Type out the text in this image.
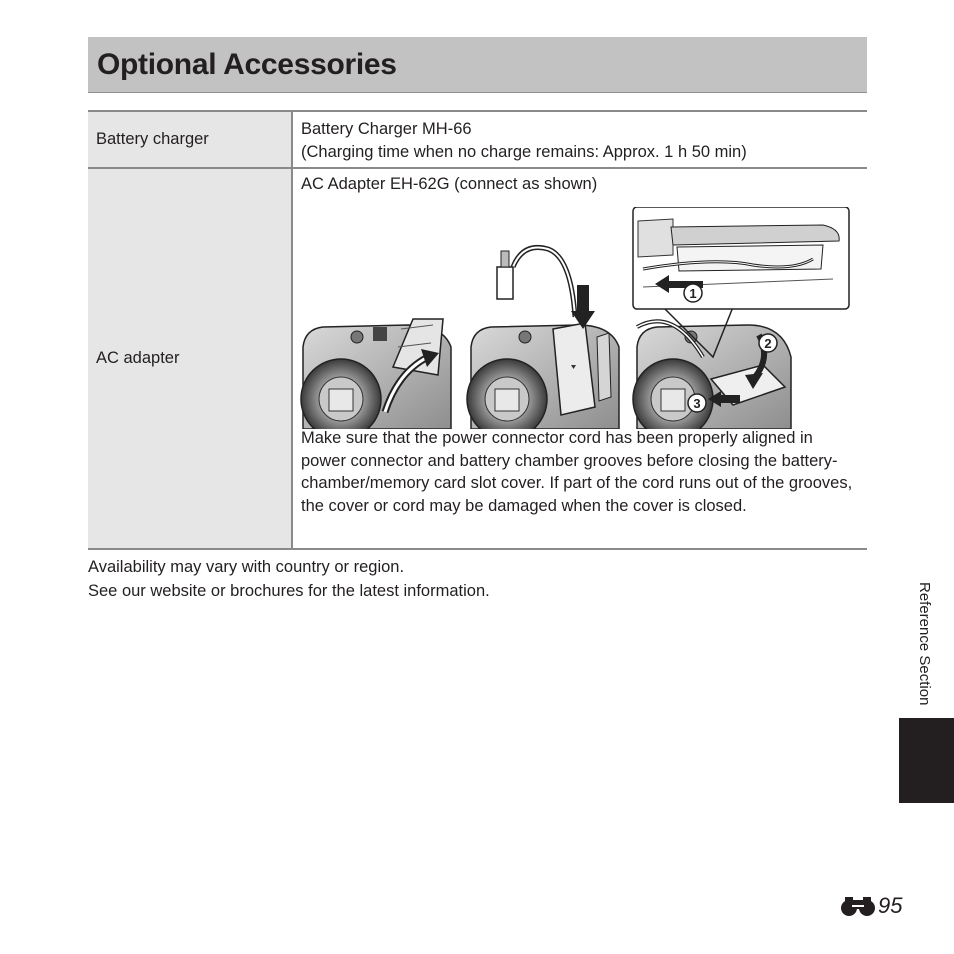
Optional Accessories
Battery charger
Battery Charger MH-66
(Charging time when no charge remains: Approx. 1 h 50 min)
AC adapter
AC Adapter EH-62G (connect as shown)
2
3
1
Make sure that the power connector cord has been properly aligned in power connector and battery chamber grooves before closing the battery-chamber/memory card slot cover. If part of the cord runs out of the grooves, the cover or cord may be damaged when the cover is closed.
Availability may vary with country or region.
See our website or brochures for the latest information.	Reference Section
95
